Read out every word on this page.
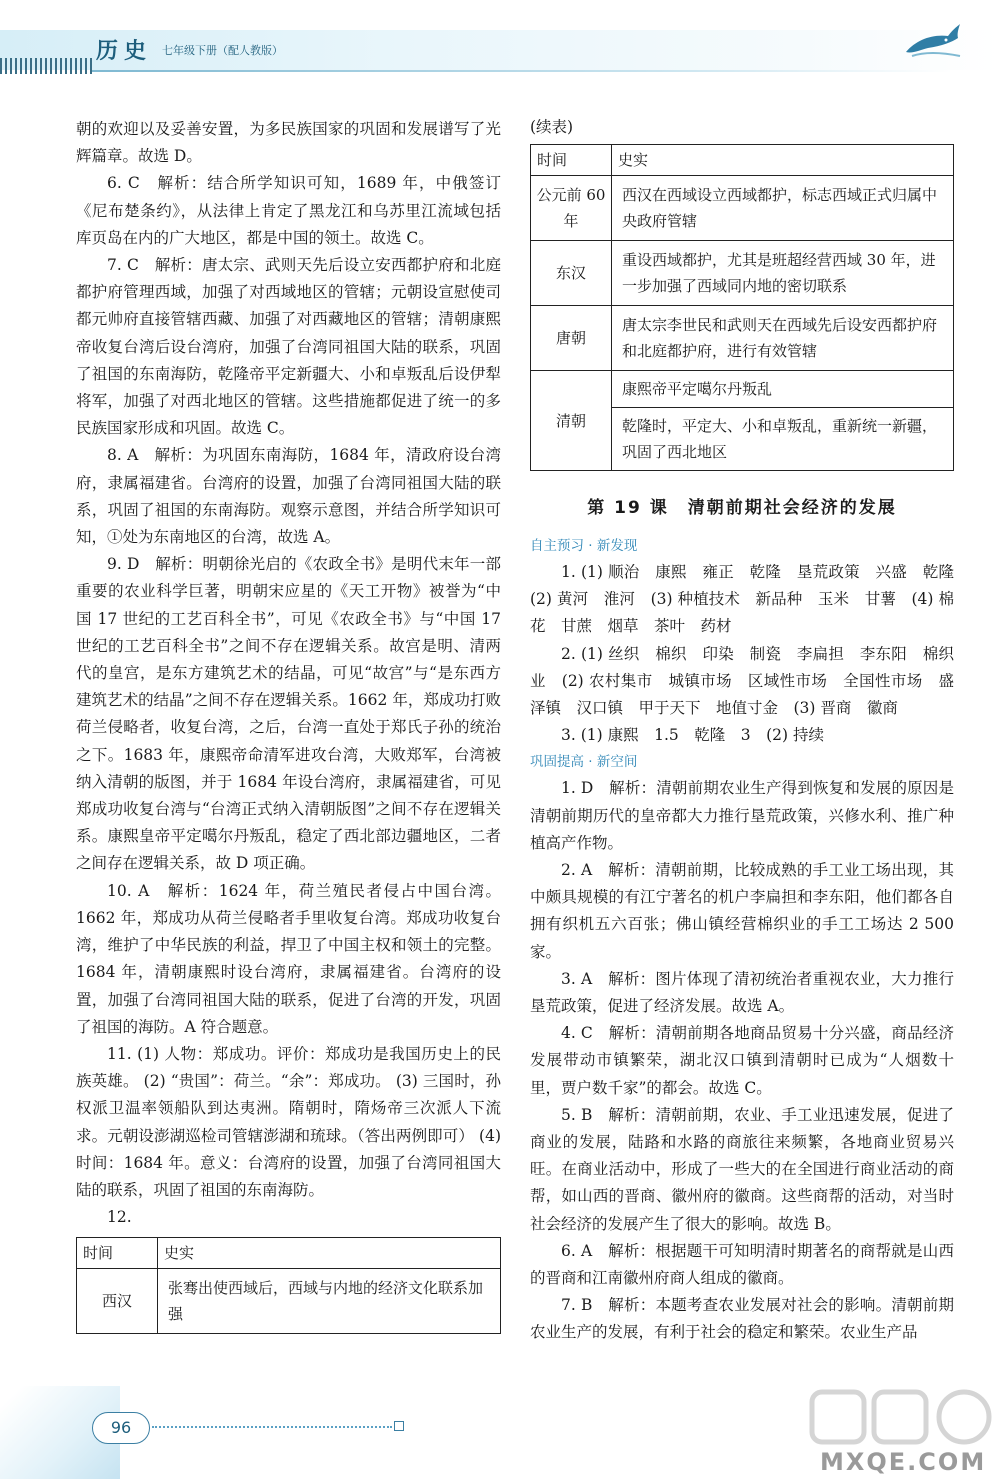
历史 七年级下册（配人教版）

朝的欢迎以及妥善安置，为多民族国家的巩固和发展谱写了光辉篇章。故选 D。

6. C　解析：结合所学知识可知，1689 年，中俄签订《尼布楚条约》，从法律上肯定了黑龙江和乌苏里江流域包括库页岛在内的广大地区，都是中国的领土。故选 C。

7. C　解析：唐太宗、武则天先后设立安西都护府和北庭都护府管理西域，加强了对西域地区的管辖；元朝设宣慰使司都元帅府直接管辖西藏、加强了对西藏地区的管辖；清朝康熙帝收复台湾后设台湾府，加强了台湾同祖国大陆的联系，巩固了祖国的东南海防，乾隆帝平定新疆大、小和卓叛乱后设伊犁将军，加强了对西北地区的管辖。这些措施都促进了统一的多民族国家形成和巩固。故选 C。

8. A　解析：为巩固东南海防，1684 年，清政府设台湾府，隶属福建省。台湾府的设置，加强了台湾同祖国大陆的联系，巩固了祖国的东南海防。观察示意图，并结合所学知识可知，①处为东南地区的台湾，故选 A。

9. D　解析：明朝徐光启的《农政全书》是明代末年一部重要的农业科学巨著，明朝宋应星的《天工开物》被誉为“中国 17 世纪的工艺百科全书”，可见《农政全书》与“中国 17 世纪的工艺百科全书”之间不存在逻辑关系。故宫是明、清两代的皇宫，是东方建筑艺术的结晶，可见“故宫”与“是东西方建筑艺术的结晶”之间不存在逻辑关系。1662 年，郑成功打败荷兰侵略者，收复台湾，之后，台湾一直处于郑氏子孙的统治之下。1683 年，康熙帝命清军进攻台湾，大败郑军，台湾被纳入清朝的版图，并于 1684 年设台湾府，隶属福建省，可见郑成功收复台湾与“台湾正式纳入清朝版图”之间不存在逻辑关系。康熙皇帝平定噶尔丹叛乱，稳定了西北部边疆地区，二者之间存在逻辑关系，故 D 项正确。

10. A　解析：1624 年，荷兰殖民者侵占中国台湾。1662 年，郑成功从荷兰侵略者手里收复台湾。郑成功收复台湾，维护了中华民族的利益，捍卫了中国主权和领土的完整。1684 年，清朝康熙时设台湾府，隶属福建省。台湾府的设置，加强了台湾同祖国大陆的联系，促进了台湾的开发，巩固了祖国的海防。A 符合题意。

11. (1) 人物：郑成功。评价：郑成功是我国历史上的民族英雄。 (2) “贵国”：荷兰。“余”：郑成功。 (3) 三国时，孙权派卫温率领船队到达夷洲。隋朝时，隋炀帝三次派人下流求。元朝设澎湖巡检司管辖澎湖和琉球。（答出两例即可） (4) 时间：1684 年。意义：台湾府的设置，加强了台湾同祖国大陆的联系，巩固了祖国的东南海防。

12.

时间	史实
西汉	张骞出使西域后，西域与内地的经济文化联系加强

(续表)

时间	史实
公元前 60 年	西汉在西域设立西域都护，标志西域正式归属中央政府管辖
东汉	重设西域都护，尤其是班超经营西域 30 年，进一步加强了西域同内地的密切联系
唐朝	唐太宗李世民和武则天在西域先后设安西都护府和北庭都护府，进行有效管辖
清朝	康熙帝平定噶尔丹叛乱
	乾隆时，平定大、小和卓叛乱，重新统一新疆，巩固了西北地区
第 19 课　清朝前期社会经济的发展

自主预习 · 新发现

1. (1) 顺治　康熙　雍正　乾隆　垦荒政策　兴盛　乾隆　(2) 黄河　淮河　(3) 种植技术　新品种　玉米　甘薯　(4) 棉花　甘蔗　烟草　茶叶　药材

2. (1) 丝织　棉织　印染　制瓷　李扁担　李东阳　棉织业　(2) 农村集市　城镇市场　区域性市场　全国性市场　盛泽镇　汉口镇　甲于天下　地值寸金　(3) 晋商　徽商

3. (1) 康熙　1.5　乾隆　3　(2) 持续

巩固提高 · 新空间

1. D　解析：清朝前期农业生产得到恢复和发展的原因是清朝前期历代的皇帝都大力推行垦荒政策，兴修水利、推广种植高产作物。

2. A　解析：清朝前期，比较成熟的手工业工场出现，其中颇具规模的有江宁著名的机户李扁担和李东阳，他们都各自拥有织机五六百张；佛山镇经营棉织业的手工工场达 2 500 家。

3. A　解析：图片体现了清初统治者重视农业，大力推行垦荒政策，促进了经济发展。故选 A。

4. C　解析：清朝前期各地商品贸易十分兴盛，商品经济发展带动市镇繁荣，湖北汉口镇到清朝时已成为“人烟数十里，贾户数千家”的都会。故选 C。

5. B　解析：清朝前期，农业、手工业迅速发展，促进了商业的发展，陆路和水路的商旅往来频繁，各地商业贸易兴旺。在商业活动中，形成了一些大的在全国进行商业活动的商帮，如山西的晋商、徽州府的徽商。这些商帮的活动，对当时社会经济的发展产生了很大的影响。故选 B。

6. A　解析：根据题干可知明清时期著名的商帮就是山西的晋商和江南徽州府商人组成的徽商。

7. B　解析：本题考查农业发展对社会的影响。清朝前期农业生产的发展，有利于社会的稳定和繁荣。农业生产品

96
MXQE.COM
